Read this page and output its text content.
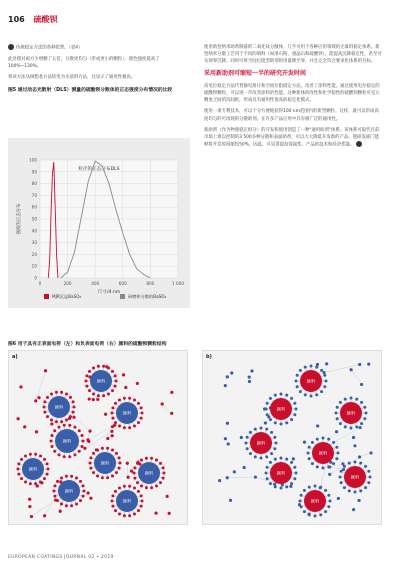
106 硫酸钡

传统稳定方法的各种优势。（表4）

此处理对両方少增稠了五倍，分散更均匀（形成更小的颗粒），使色强度提高了100%~130%。

将该方法从树脂基方法转变为水基料方法，这显示了通用性极高。

图5 通过动态光散射（DLS）测量的硫酸钡分散体的正态强度分布情况的比较
0
10
20
30
40
50
60
70
80
90
100
0	200	400	600	800	1 000
粒径的正态分布DLS
尺寸/d.nm
强度的正态分布
MJR沉淀BaSO₄	研磨和分散的BaSO₄

使用新型纳米助剂制备的二氧化钛分散体，几乎可用于各种应用领域的无暴料稳定体系。新型纳米分散工艺用于不同的填料（如滑石粉、重晶石和硫酸钡），能提高沉降稳定性，甚至可实现零沉降。同时可将空间位阻型助剂的用量降至零，并且完全符合要求化体系的目标。

采用新助剂可缩短一半的研究开发时间

高电位稳定方法代替静电排斥和空间位阻稳定方法，改善了涂料性能。通过使用电位稳定的硫酸钡颗粒，可以进一步改善涂料的性能。这种新体的改性和化学稳性的硫酸钡颗粒可克元稠度之间的沟间距，形成具有通用性很高的稳定化模式。

使用一项专利技术，可以十分方便地获得100 nm范围内的新型颗粒。这样，就可以形成高度均匀的可再现的分散助剂。在许多产品应用中具有极广泛的通用性。

新助剂（作为物理稳定组分）的开发和使用创造了一种"通用助剂"体系。该体系可取代目前市场上难以控制的3 500多种分散和表面助剂，可以大大降低开发新的产品。使研发部门能够将开发时间缩短50%，因此，可显著提高简属性、产品的技术和经济性能。

图6 用于具有正表面电荷（左）和负表面电荷（右）颜料的硫酸钡颗粒结构
a)
颜料
颜料
颜料
颜料
颜料
颜料
颜料
颜料
颜料
b)
颜料
颜料
颜料
颜料
颜料
颜料
颜料
颜料
EUROPEAN COATINGS JOURNAL 02 • 2019
